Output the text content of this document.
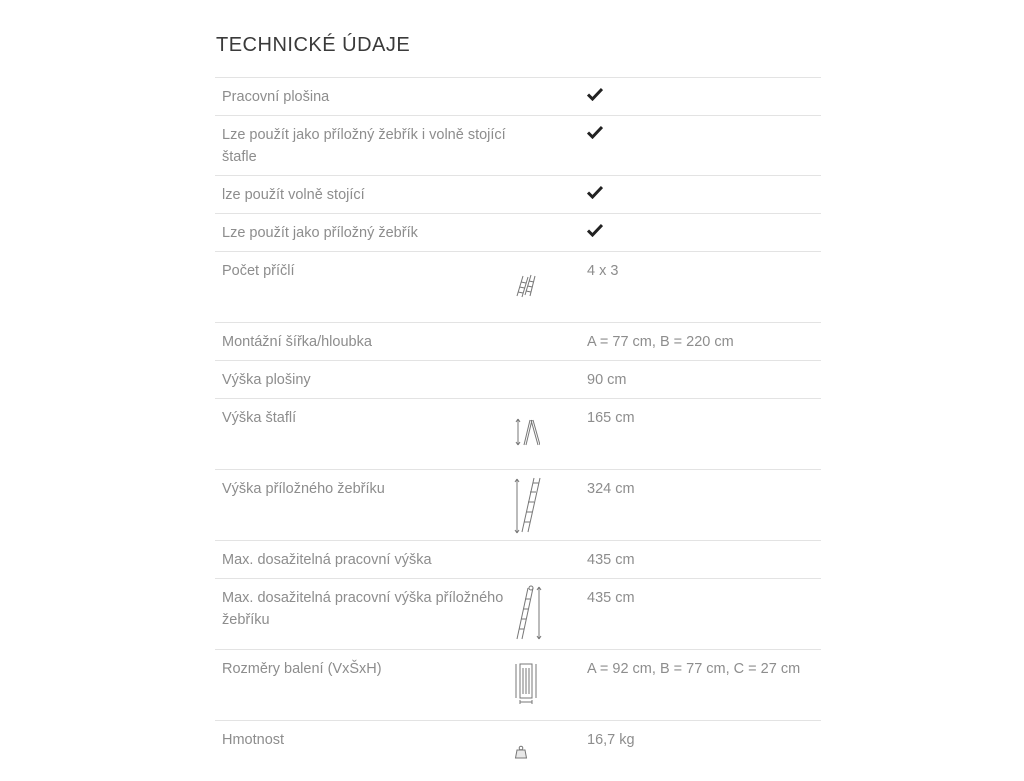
TECHNICKÉ ÚDAJE
Pracovní plošina		
Lze použít jako příložný žebřík i volně stojící štafle		
lze použít volně stojící		
Lze použít jako příložný žebřík		
Počet příčlí		4 x 3
Montážní šířka/hloubka		A = 77 cm, B = 220 cm
Výška plošiny		90 cm
Výška štaflí		165 cm
Výška příložného žebříku		324 cm
Max. dosažitelná pracovní výška		435 cm
Max. dosažitelná pracovní výška příložného žebříku		435 cm
Rozměry balení (VxŠxH)		A = 92 cm, B = 77 cm, C = 27 cm
Hmotnost		16,7 kg
